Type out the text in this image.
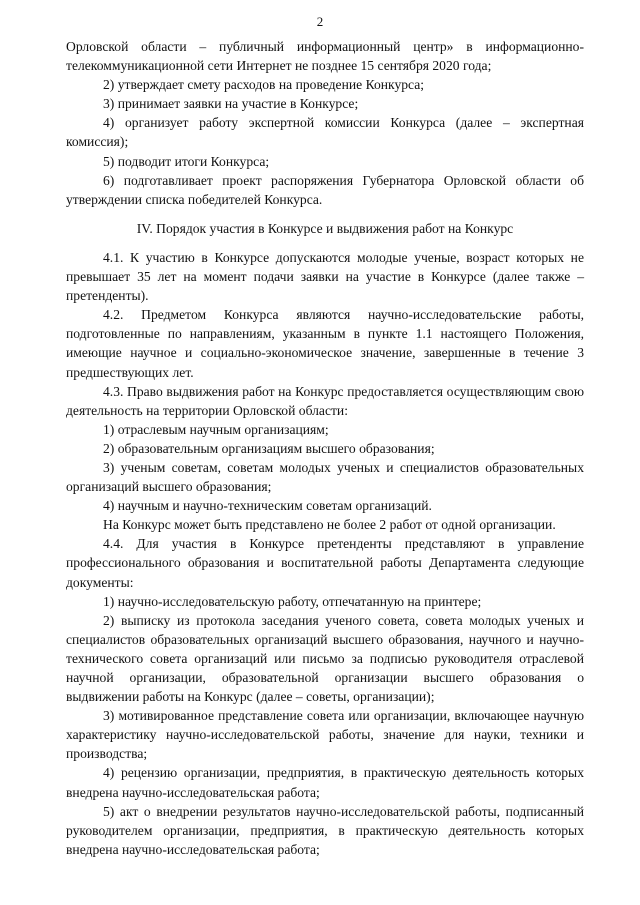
2

Орловской области – публичный информационный центр» в информационно-телекоммуникационной сети Интернет не позднее 15 сентября 2020 года;

2) утверждает смету расходов на проведение Конкурса;

3) принимает заявки на участие в Конкурсе;

4) организует работу экспертной комиссии Конкурса (далее – экспертная комиссия);

5) подводит итоги Конкурса;

6) подготавливает проект распоряжения Губернатора Орловской области об утверждении списка победителей Конкурса.

IV. Порядок участия в Конкурсе и выдвижения работ на Конкурс

4.1. К участию в Конкурсе допускаются молодые ученые, возраст которых не превышает 35 лет на момент подачи заявки на участие в Конкурсе (далее также – претенденты).

4.2. Предметом Конкурса являются научно-исследовательские работы, подготовленные по направлениям, указанным в пункте 1.1 настоящего Положения, имеющие научное и социально-экономическое значение, завершенные в течение 3 предшествующих лет.

4.3. Право выдвижения работ на Конкурс предоставляется осуществляющим свою деятельность на территории Орловской области:

1) отраслевым научным организациям;

2) образовательным организациям высшего образования;

3) ученым советам, советам молодых ученых и специалистов образовательных организаций высшего образования;

4) научным и научно-техническим советам организаций.

На Конкурс может быть представлено не более 2 работ от одной организации.

4.4. Для участия в Конкурсе претенденты представляют в управление профессионального образования и воспитательной работы Департамента следующие документы:

1) научно-исследовательскую работу, отпечатанную на принтере;

2) выписку из протокола заседания ученого совета, совета молодых ученых и специалистов образовательных организаций высшего образования, научного и научно-технического совета организаций или письмо за подписью руководителя отраслевой научной организации, образовательной организации высшего образования о выдвижении работы на Конкурс (далее – советы, организации);

3) мотивированное представление совета или организации, включающее научную характеристику научно-исследовательской работы, значение для науки, техники и производства;

4) рецензию организации, предприятия, в практическую деятельность которых внедрена научно-исследовательская работа;

5) акт о внедрении результатов научно-исследовательской работы, подписанный руководителем организации, предприятия, в практическую деятельность которых внедрена научно-исследовательская работа;
